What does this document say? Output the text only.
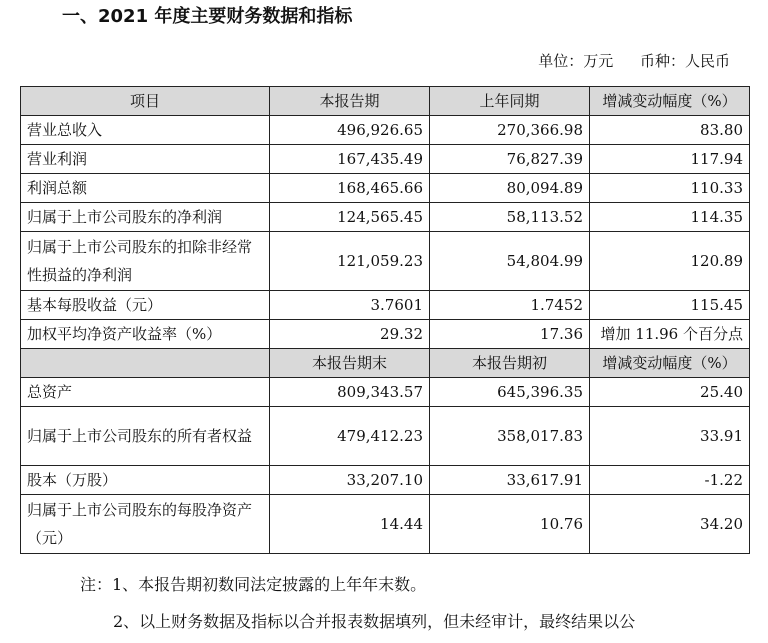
一、2021 年度主要财务数据和指标
单位：万元 币种：人民币
项目	本报告期	上年同期	增减变动幅度（%）
营业总收入	496,926.65	270,366.98	83.80
营业利润	167,435.49	76,827.39	117.94
利润总额	168,465.66	80,094.89	110.33
归属于上市公司股东的净利润	124,565.45	58,113.52	114.35
归属于上市公司股东的扣除非经常性损益的净利润	121,059.23	54,804.99	120.89
基本每股收益（元）	3.7601	1.7452	115.45
加权平均净资产收益率（%）	29.32	17.36	增加 11.96 个百分点
	本报告期末	本报告期初	增减变动幅度（%）
总资产	809,343.57	645,396.35	25.40
归属于上市公司股东的所有者权益	479,412.23	358,017.83	33.91
股本（万股）	33,207.10	33,617.91	-1.22
归属于上市公司股东的每股净资产（元）	14.44	10.76	34.20

注：1、本报告期初数同法定披露的上年年末数。

2、以上财务数据及指标以合并报表数据填列，但未经审计，最终结果以公
